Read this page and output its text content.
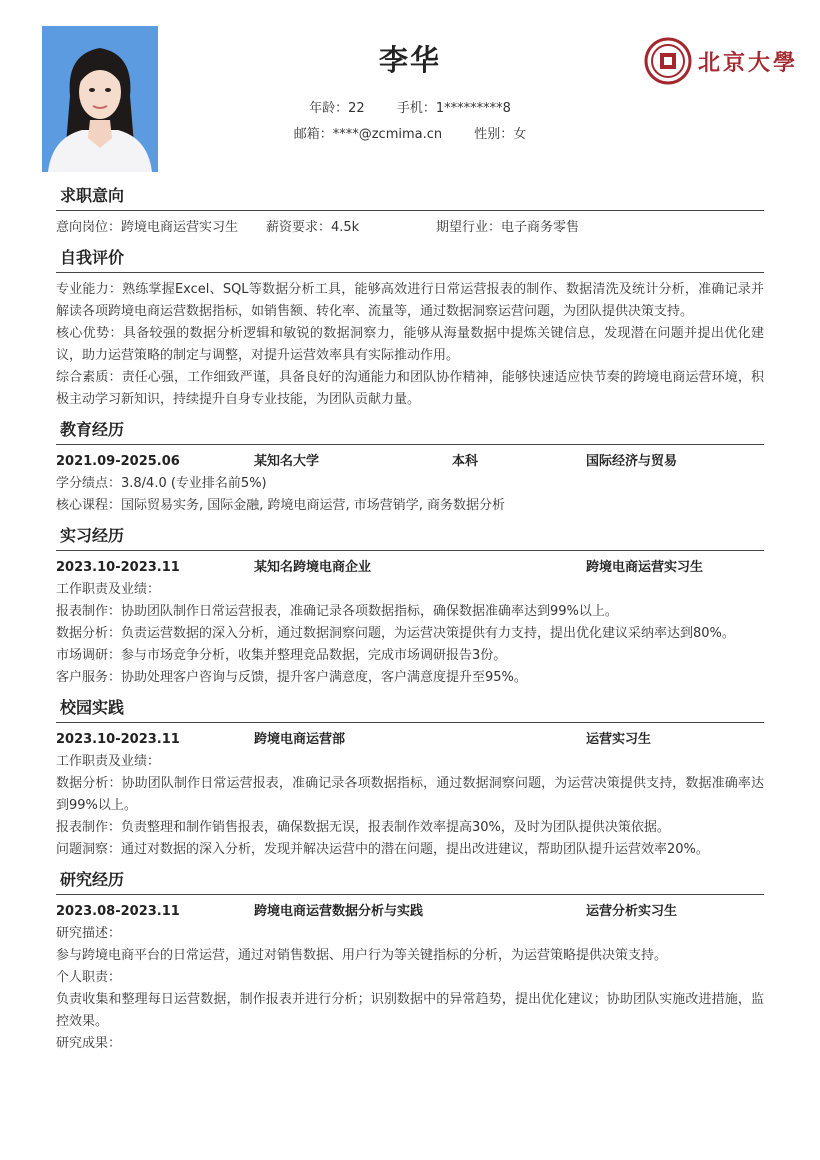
李华
年龄：22 手机：1*********8
邮箱：****@zcmima.cn 性别：女
北京大學
求职意向
意向岗位：跨境电商运营实习生	薪资要求：4.5k	期望行业：电子商务零售
自我评价

专业能力：熟练掌握Excel、SQL等数据分析工具，能够高效进行日常运营报表的制作、数据清洗及统计分析，准确记录并解读各项跨境电商运营数据指标，如销售额、转化率、流量等，通过数据洞察运营问题，为团队提供决策支持。

核心优势：具备较强的数据分析逻辑和敏锐的数据洞察力，能够从海量数据中提炼关键信息，发现潜在问题并提出优化建议，助力运营策略的制定与调整，对提升运营效率具有实际推动作用。

综合素质：责任心强，工作细致严谨，具备良好的沟通能力和团队协作精神，能够快速适应快节奏的跨境电商运营环境，积极主动学习新知识，持续提升自身专业技能，为团队贡献力量。

教育经历
2021.09-2025.06	某知名大学	本科	国际经济与贸易

学分绩点：3.8/4.0 (专业排名前5%)

核心课程：国际贸易实务, 国际金融, 跨境电商运营, 市场营销学, 商务数据分析

实习经历
2023.10-2023.11	某知名跨境电商企业	跨境电商运营实习生

工作职责及业绩：

报表制作：协助团队制作日常运营报表，准确记录各项数据指标，确保数据准确率达到99%以上。

数据分析：负责运营数据的深入分析，通过数据洞察问题，为运营决策提供有力支持，提出优化建议采纳率达到80%。

市场调研：参与市场竞争分析，收集并整理竞品数据，完成市场调研报告3份。

客户服务：协助处理客户咨询与反馈，提升客户满意度，客户满意度提升至95%。

校园实践
2023.10-2023.11	跨境电商运营部	运营实习生

工作职责及业绩：

数据分析：协助团队制作日常运营报表，准确记录各项数据指标，通过数据洞察问题，为运营决策提供支持，数据准确率达到99%以上。

报表制作：负责整理和制作销售报表，确保数据无误，报表制作效率提高30%，及时为团队提供决策依据。

问题洞察：通过对数据的深入分析，发现并解决运营中的潜在问题，提出改进建议，帮助团队提升运营效率20%。

研究经历
2023.08-2023.11	跨境电商运营数据分析与实践	运营分析实习生

研究描述：

参与跨境电商平台的日常运营，通过对销售数据、用户行为等关键指标的分析，为运营策略提供决策支持。

个人职责：

负责收集和整理每日运营数据，制作报表并进行分析；识别数据中的异常趋势，提出优化建议；协助团队实施改进措施，监控效果。

研究成果：
